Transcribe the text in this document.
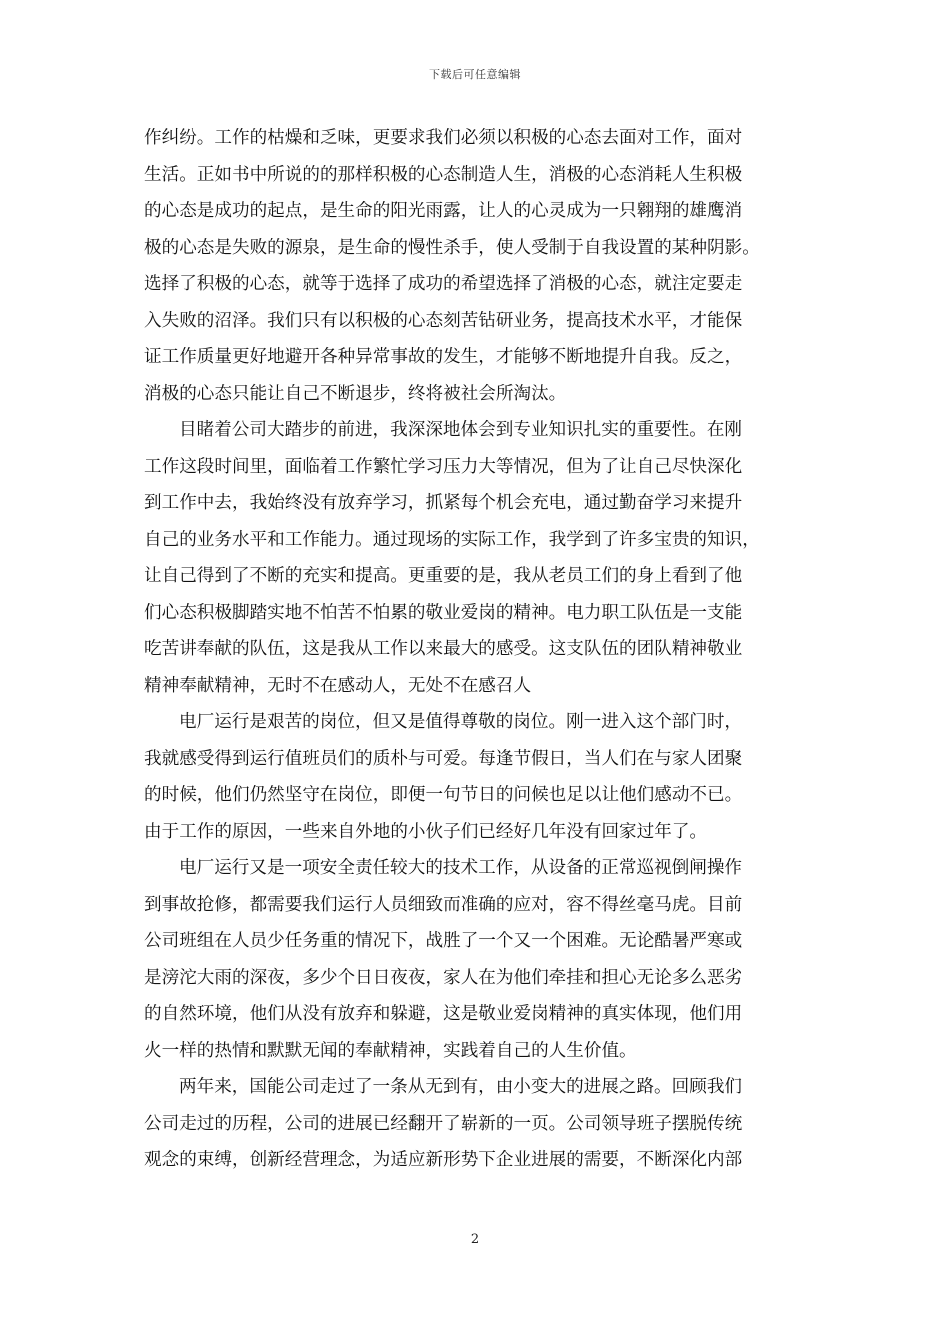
下载后可任意编辑
作纠纷。工作的枯燥和乏味，更要求我们必须以积极的心态去面对工作，面对
生活。正如书中所说的的那样积极的心态制造人生，消极的心态消耗人生积极
的心态是成功的起点，是生命的阳光雨露，让人的心灵成为一只翱翔的雄鹰消
极的心态是失败的源泉，是生命的慢性杀手，使人受制于自我设置的某种阴影。
选择了积极的心态，就等于选择了成功的希望选择了消极的心态，就注定要走
入失败的沼泽。我们只有以积极的心态刻苦钻研业务，提高技术水平，才能保
证工作质量更好地避开各种异常事故的发生，才能够不断地提升自我。反之，
消极的心态只能让自己不断退步，终将被社会所淘汰。
目睹着公司大踏步的前进，我深深地体会到专业知识扎实的重要性。在刚
工作这段时间里，面临着工作繁忙学习压力大等情况，但为了让自己尽快深化
到工作中去，我始终没有放弃学习，抓紧每个机会充电，通过勤奋学习来提升
自己的业务水平和工作能力。通过现场的实际工作，我学到了许多宝贵的知识，
让自己得到了不断的充实和提高。更重要的是，我从老员工们的身上看到了他
们心态积极脚踏实地不怕苦不怕累的敬业爱岗的精神。电力职工队伍是一支能
吃苦讲奉献的队伍，这是我从工作以来最大的感受。这支队伍的团队精神敬业
精神奉献精神，无时不在感动人，无处不在感召人
电厂运行是艰苦的岗位，但又是值得尊敬的岗位。刚一进入这个部门时，
我就感受得到运行值班员们的质朴与可爱。每逢节假日，当人们在与家人团聚
的时候，他们仍然坚守在岗位，即便一句节日的问候也足以让他们感动不已。
由于工作的原因，一些来自外地的小伙子们已经好几年没有回家过年了。
电厂运行又是一项安全责任较大的技术工作，从设备的正常巡视倒闸操作
到事故抢修，都需要我们运行人员细致而准确的应对，容不得丝毫马虎。目前
公司班组在人员少任务重的情况下，战胜了一个又一个困难。无论酷暑严寒或
是滂沱大雨的深夜，多少个日日夜夜，家人在为他们牵挂和担心无论多么恶劣
的自然环境，他们从没有放弃和躲避，这是敬业爱岗精神的真实体现，他们用
火一样的热情和默默无闻的奉献精神，实践着自己的人生价值。
两年来，国能公司走过了一条从无到有，由小变大的进展之路。回顾我们
公司走过的历程，公司的进展已经翻开了崭新的一页。公司领导班子摆脱传统
观念的束缚，创新经营理念，为适应新形势下企业进展的需要，不断深化内部
2
